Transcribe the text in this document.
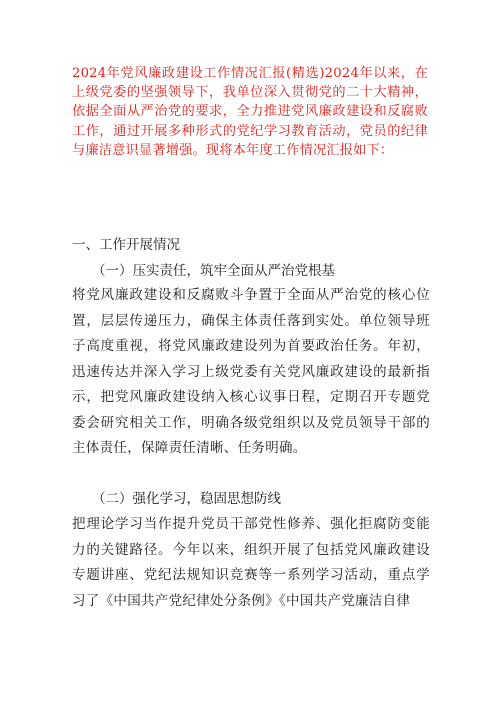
2024年党风廉政建设工作情况汇报(精选)2024年以来，在上级党委的坚强领导下，我单位深入贯彻党的二十大精神，依据全面从严治党的要求，全力推进党风廉政建设和反腐败工作，通过开展多种形式的党纪学习教育活动，党员的纪律与廉洁意识显著增强。现将本年度工作情况汇报如下：

一、工作开展情况

（一）压实责任，筑牢全面从严治党根基

将党风廉政建设和反腐败斗争置于全面从严治党的核心位置，层层传递压力，确保主体责任落到实处。单位领导班子高度重视，将党风廉政建设列为首要政治任务。年初，迅速传达并深入学习上级党委有关党风廉政建设的最新指示，把党风廉政建设纳入核心议事日程，定期召开专题党委会研究相关工作，明确各级党组织以及党员领导干部的主体责任，保障责任清晰、任务明确。

（二）强化学习，稳固思想防线

把理论学习当作提升党员干部党性修养、强化拒腐防变能力的关键路径。今年以来，组织开展了包括党风廉政建设专题讲座、党纪法规知识竞赛等一系列学习活动，重点学习了《中国共产党纪律处分条例》《中国共产党廉洁自律
